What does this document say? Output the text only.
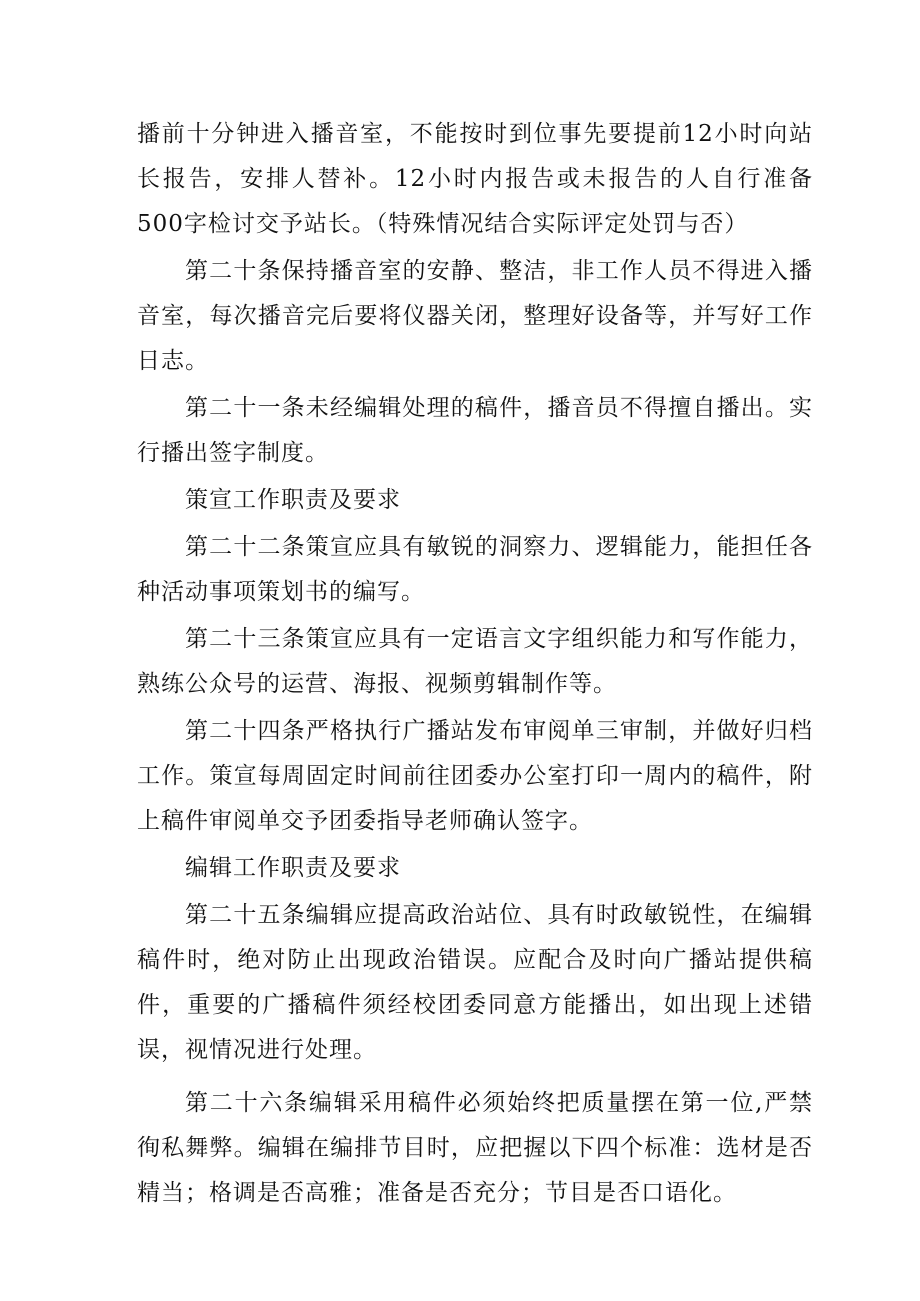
播前十分钟进入播音室，不能按时到位事先要提前12小时向站长报告，安排人替补。12小时内报告或未报告的人自行准备500字检讨交予站长。（特殊情况结合实际评定处罚与否）

第二十条保持播音室的安静、整洁，非工作人员不得进入播音室，每次播音完后要将仪器关闭，整理好设备等，并写好工作日志。

第二十一条未经编辑处理的稿件，播音员不得擅自播出。实行播出签字制度。

策宣工作职责及要求

第二十二条策宣应具有敏锐的洞察力、逻辑能力，能担任各种活动事项策划书的编写。

第二十三条策宣应具有一定语言文字组织能力和写作能力，熟练公众号的运营、海报、视频剪辑制作等。

第二十四条严格执行广播站发布审阅单三审制，并做好归档工作。策宣每周固定时间前往团委办公室打印一周内的稿件，附上稿件审阅单交予团委指导老师确认签字。

编辑工作职责及要求

第二十五条编辑应提高政治站位、具有时政敏锐性，在编辑稿件时，绝对防止出现政治错误。应配合及时向广播站提供稿件，重要的广播稿件须经校团委同意方能播出，如出现上述错误，视情况进行处理。

第二十六条编辑采用稿件必须始终把质量摆在第一位,严禁徇私舞弊。编辑在编排节目时，应把握以下四个标准：选材是否精当；格调是否高雅；准备是否充分；节目是否口语化。
